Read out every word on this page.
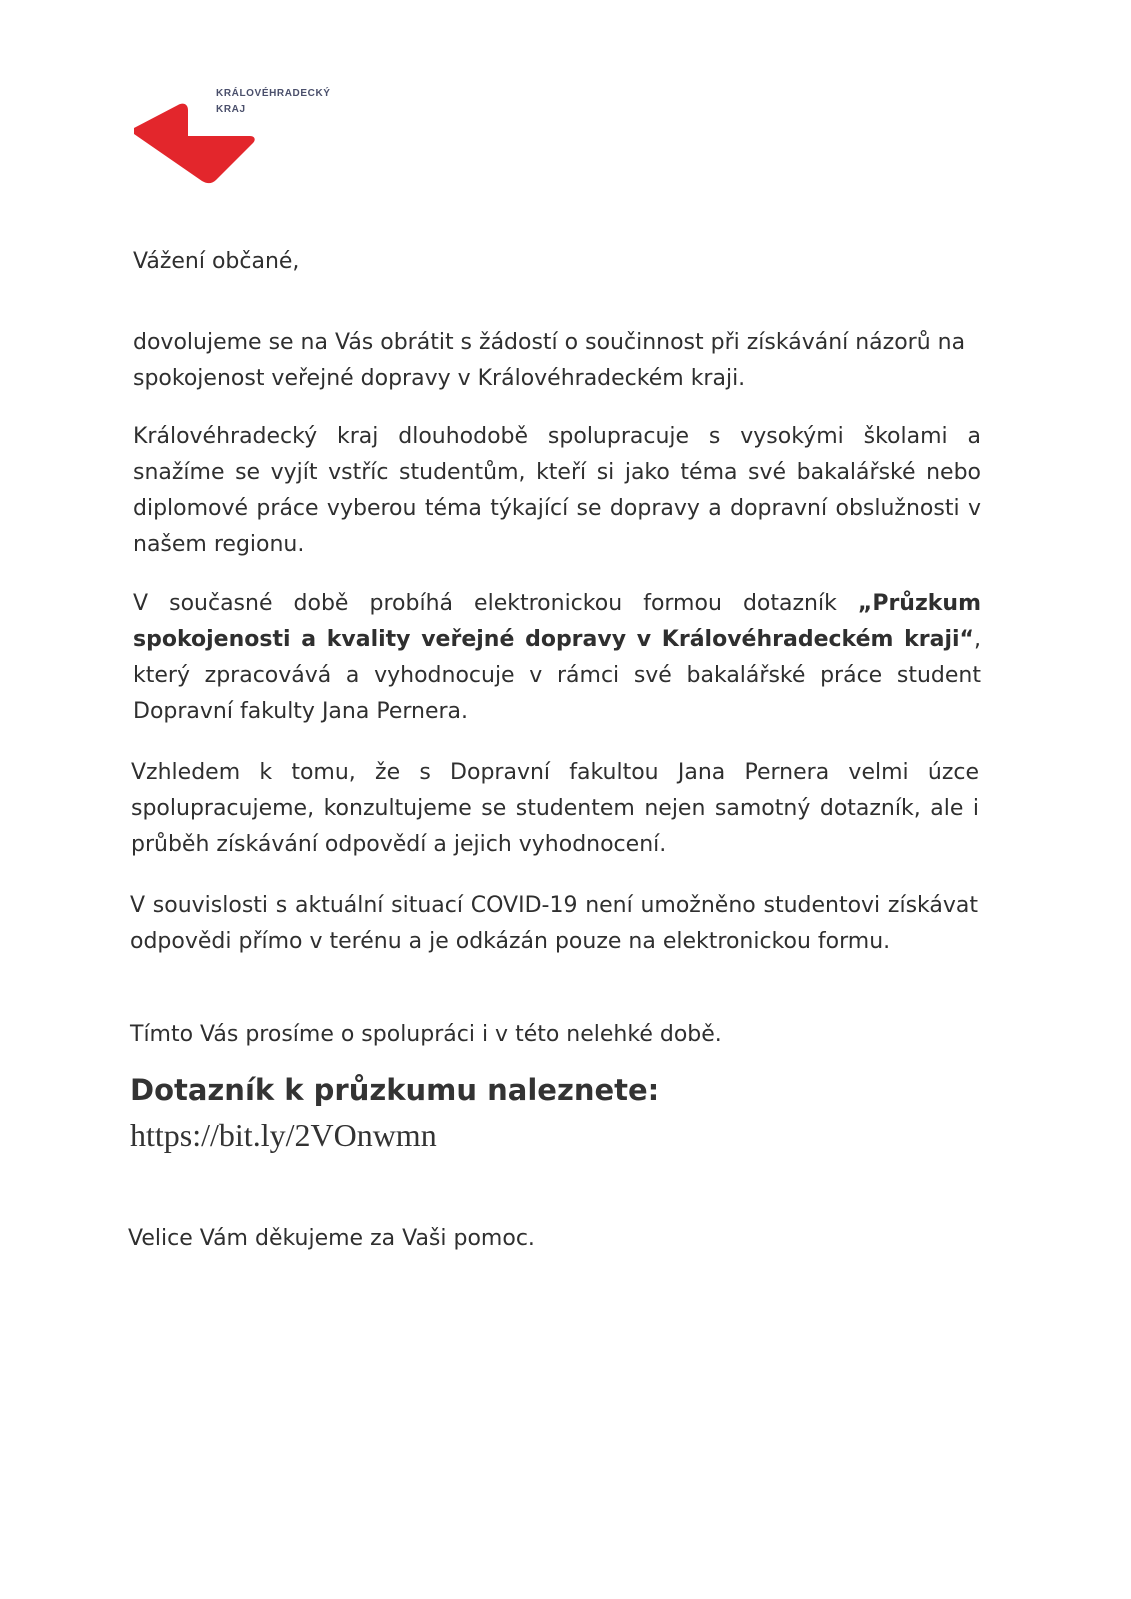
KRÁLOVÉHRADECKÝ
KRAJ
Vážení občané,
dovolujeme se na Vás obrátit s žádostí o součinnost při získávání názorů na spokojenost veřejné dopravy v Královéhradeckém kraji.
Královéhradecký kraj dlouhodobě spolupracuje s vysokými školami a snažíme se vyjít vstříc studentům, kteří si jako téma své bakalářské nebo diplomové práce vyberou téma týkající se dopravy a dopravní obslužnosti v našem regionu.
V současné době probíhá elektronickou formou dotazník „Průzkum spokojenosti a kvality veřejné dopravy v Královéhradeckém kraji“, který zpracovává a vyhodnocuje v rámci své bakalářské práce student Dopravní fakulty Jana Pernera.
Vzhledem k tomu, že s Dopravní fakultou Jana Pernera velmi úzce spolupracujeme, konzultujeme se studentem nejen samotný dotazník, ale i průběh získávání odpovědí a jejich vyhodnocení.
V souvislosti s aktuální situací COVID-19 není umožněno studentovi získávat odpovědi přímo v terénu a je odkázán pouze na elektronickou formu.
Tímto Vás prosíme o spolupráci i v této nelehké době.
Dotazník k průzkumu naleznete:
https://bit.ly/2VOnwmn
Velice Vám děkujeme za Vaši pomoc.
